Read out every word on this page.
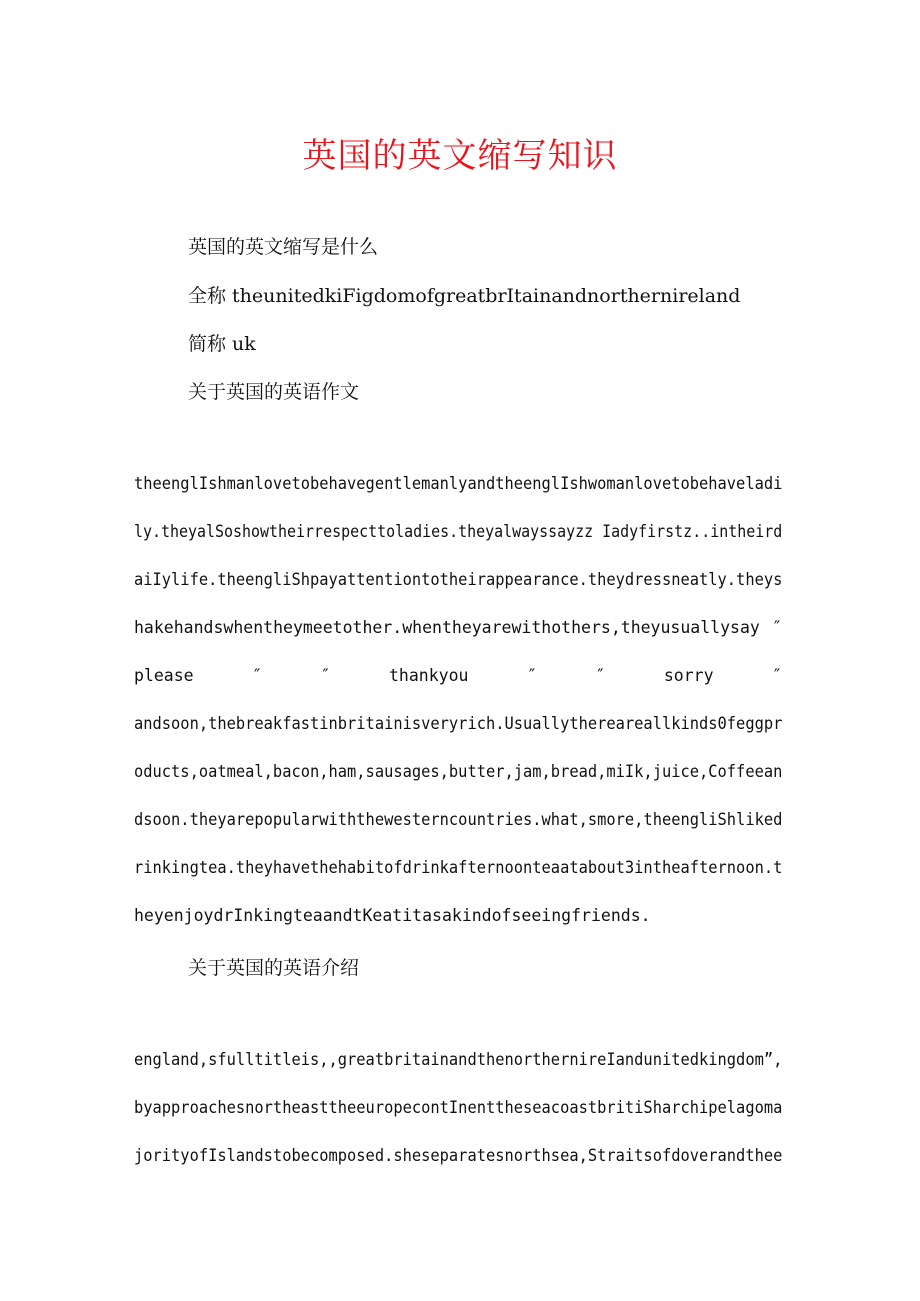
英国的英文缩写知识
英国的英文缩写是什么
全称 theunitedkiFigdomofgreatbrItainandnorthernireland
简称 uk
关于英国的英语作文
theenglIshmanlovetobehavegentlemanlyandtheenglIshwomanlovetobehaveladi
ly.theyalSoshowtheirrespecttoladies.theyalwayssayzz Iadyfirstz..intheird
aiIylife.theengliShpayattentiontotheirappearance.theydressneatly.theys
hakehandswhentheymeetother.whentheyarewithothers,theyusuallysay ″
please	″	″	thankyou	″	″	sorry	″
andsoon,thebreakfastinbritainisveryrich.Usuallythereareallkinds0feggpr
oducts,oatmeal,bacon,ham,sausages,butter,jam,bread,miIk,juice,Coffeean
dsoon.theyarepopularwiththewesterncountries.what,smore,theengliShliked
rinkingtea.theyhavethehabitofdrinkafternoonteaatabout3intheafternoon.t
heyenjoydrInkingteaandtKeatitasakindofseeingfriends.
关于英国的英语介绍
england,sfulltitleis,,greatbritainandthenorthernireIandunitedkingdom”,
byapproachesnortheasttheeuropecontInenttheseacoastbritiSharchipelagoma
jorityofIslandstobecomposed.sheseparatesnorthsea,Straitsofdoverandthee
